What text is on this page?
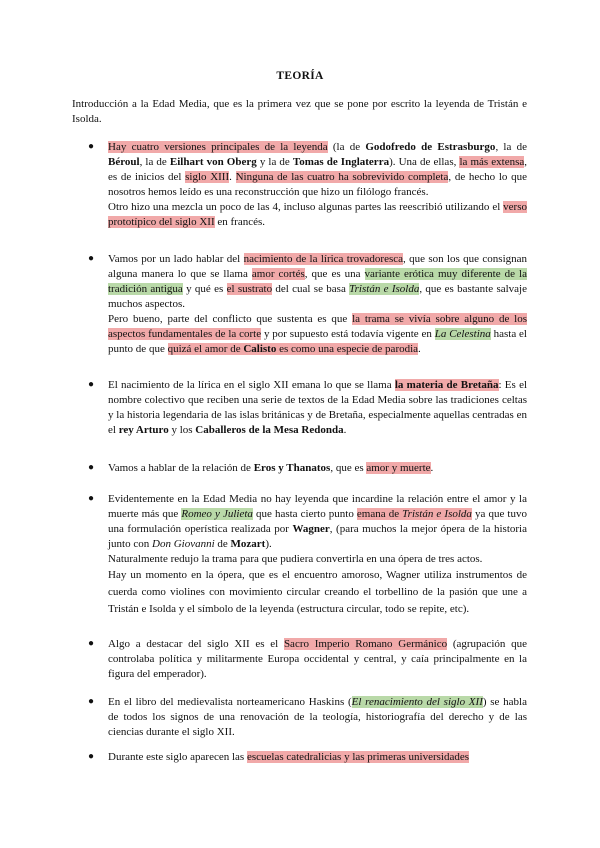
TEORÍA
Introducción a la Edad Media, que es la primera vez que se pone por escrito la leyenda de Tristán e Isolda.
● Hay cuatro versiones principales de la leyenda (la de Godofredo de Estrasburgo, la de Béroul, la de Eilhart von Oberg y la de Tomas de Inglaterra). Una de ellas, la más extensa, es de inicios del siglo XIII. Ninguna de las cuatro ha sobrevivido completa, de hecho lo que nosotros hemos leído es una reconstrucción que hizo un filólogo francés.

Otro hizo una mezcla un poco de las 4, incluso algunas partes las reescribió utilizando el verso prototípico del siglo XII en francés.

● Vamos por un lado hablar del nacimiento de la lírica trovadoresca, que son los que consignan alguna manera lo que se llama amor cortés, que es una variante erótica muy diferente de la tradición antigua y qué es el sustrato del cual se basa Tristán e Isolda, que es bastante salvaje muchos aspectos.

Pero bueno, parte del conflicto que sustenta es que la trama se vivía sobre alguno de los aspectos fundamentales de la corte y por supuesto está todavía vigente en La Celestina hasta el punto de que quizá el amor de Calisto es como una especie de parodia.

● El nacimiento de la lírica en el siglo XII emana lo que se llama la materia de Bretaña: Es el nombre colectivo que reciben una serie de textos de la Edad Media sobre las tradiciones celtas y la historia legendaria de las islas británicas y de Bretaña, especialmente aquellas centradas en el rey Arturo y los Caballeros de la Mesa Redonda.

● Vamos a hablar de la relación de Eros y Thanatos, que es amor y muerte.

● Evidentemente en la Edad Media no hay leyenda que incardine la relación entre el amor y la muerte más que Romeo y Julieta que hasta cierto punto emana de Tristán e Isolda ya que tuvo una formulación operística realizada por Wagner, (para muchos la mejor ópera de la historia junto con Don Giovanni de Mozart).

Naturalmente redujo la trama para que pudiera convertirla en una ópera de tres actos.

Hay un momento en la ópera, que es el encuentro amoroso, Wagner utiliza instrumentos de cuerda como violines con movimiento circular creando el torbellino de la pasión que une a Tristán e Isolda y el símbolo de la leyenda (estructura circular, todo se repite, etc).

● Algo a destacar del siglo XII es el Sacro Imperio Romano Germánico (agrupación que controlaba política y militarmente Europa occidental y central, y caía principalmente en la figura del emperador).

● En el libro del medievalista norteamericano Haskins (El renacimiento del siglo XII) se habla de todos los signos de una renovación de la teología, historiografía del derecho y de las ciencias durante el siglo XII.

● Durante este siglo aparecen las escuelas catedralicias y las primeras universidades
